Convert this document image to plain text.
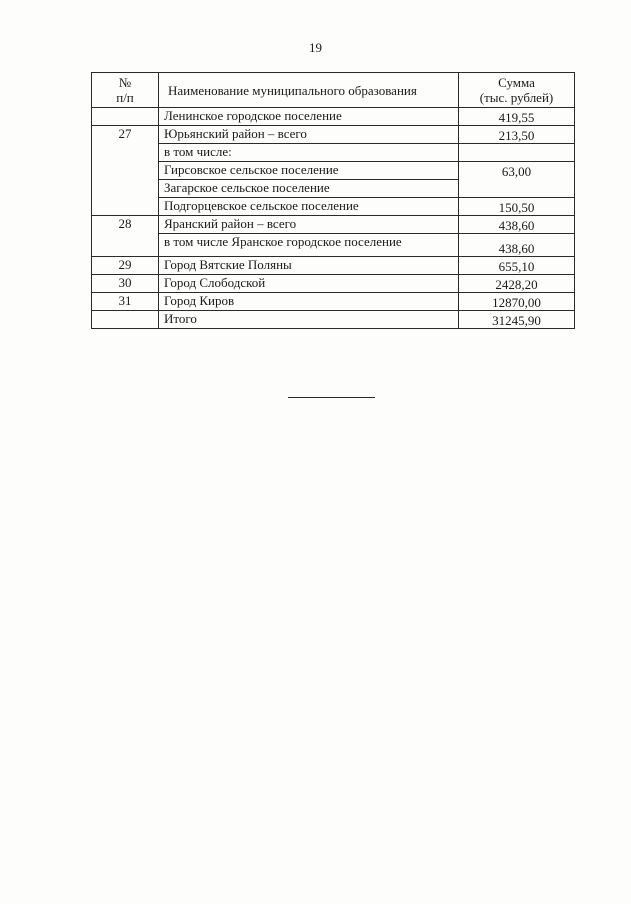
19
№
п/п	Наименование муниципального образования	Сумма
(тыс. рублей)
	Ленинское городское поселение	419,55
27	Юрьянский район – всего	213,50
	в том числе:	
	Гирсовское сельское поселение	63,00
	Загарское сельское поселение	
	Подгорцевское сельское поселение	150,50
28	Яранский район – всего	438,60
	в том числе Яранское городское поселение	438,60
29	Город Вятские Поляны	655,10
30	Город Слободской	2428,20
31	Город Киров	12870,00
	Итого	31245,90
